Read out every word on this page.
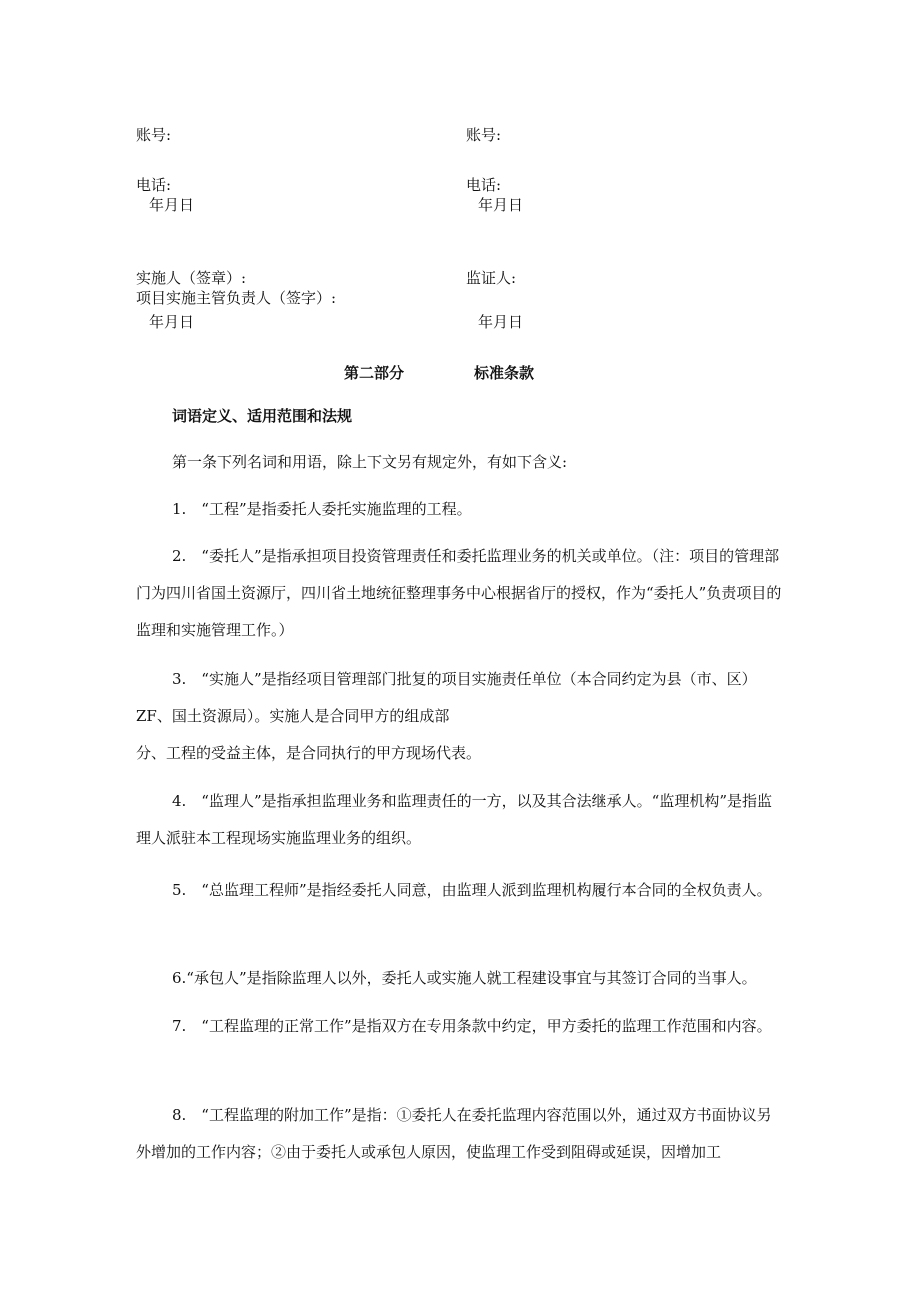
账号:
电话:
年月日
实施人（签章）:
项目实施主管负责人（签字）:
年月日
账号:
电话:
年月日
监证人:
年月日
第二部分	标准条款
词语定义、适用范围和法规
第一条下列名词和用语，除上下文另有规定外，有如下含义:
1.　“工程”是指委托人委托实施监理的工程。
2.　“委托人”是指承担项目投资管理责任和委托监理业务的机关或单位。（注：项目的管理部门为四川省国土资源厅，四川省土地统征整理事务中心根据省厅的授权，作为“委托人”负责项目的监理和实施管理工作。）
3.　“实施人”是指经项目管理部门批复的项目实施责任单位（本合同约定为县（市、区）ZF、国土资源局）。实施人是合同甲方的组成部
分、工程的受益主体，是合同执行的甲方现场代表。
4.　“监理人”是指承担监理业务和监理责任的一方，以及其合法继承人。“监理机构”是指监理人派驻本工程现场实施监理业务的组织。
5.　“总监理工程师”是指经委托人同意，由监理人派到监理机构履行本合同的全权负责人。
6.“承包人”是指除监理人以外，委托人或实施人就工程建设事宜与其签订合同的当事人。
7.　“工程监理的正常工作”是指双方在专用条款中约定，甲方委托的监理工作范围和内容。
8.　“工程监理的附加工作”是指：①委托人在委托监理内容范围以外，通过双方书面协议另外增加的工作内容；②由于委托人或承包人原因，使监理工作受到阻碍或延误，因增加工
